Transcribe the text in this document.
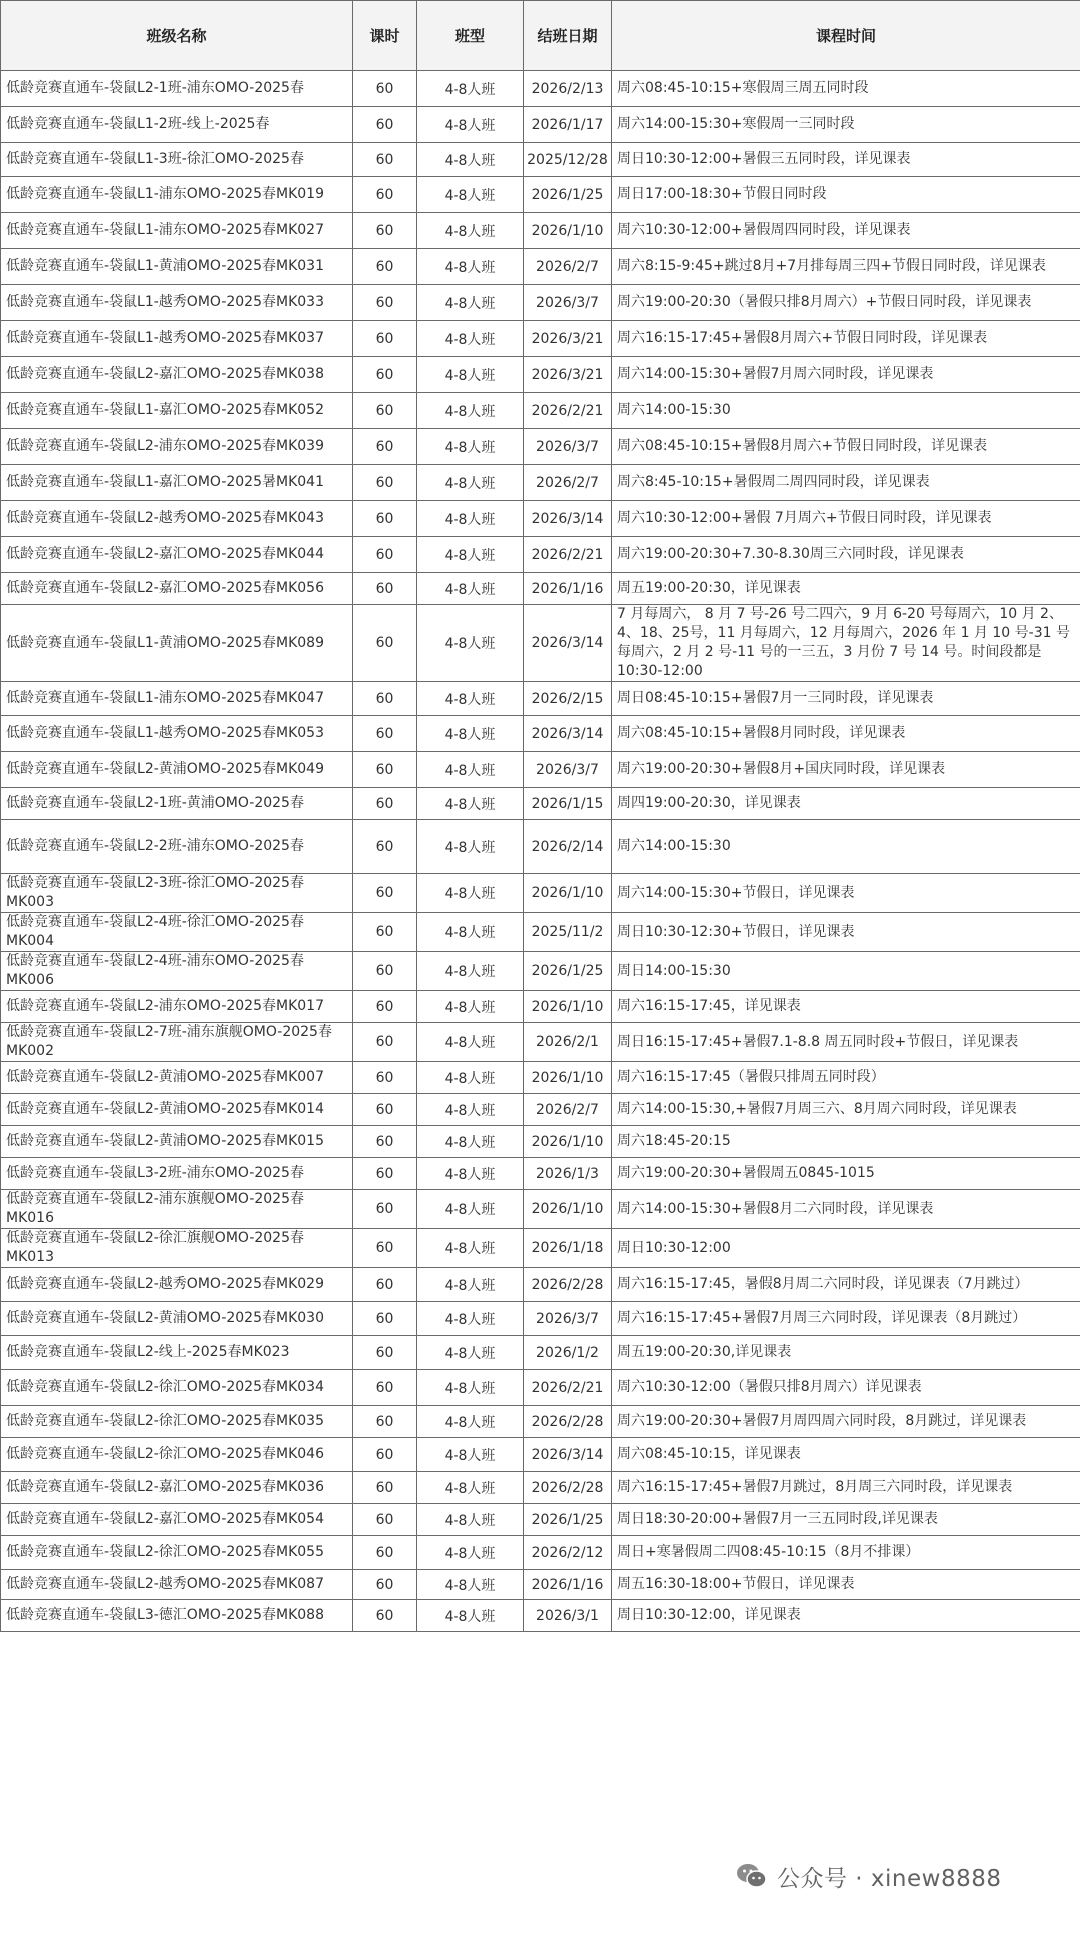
班级名称	课时	班型	结班日期	课程时间
低龄竞赛直通车-袋鼠L2-1班-浦东OMO-2025春	60	4-8人班	2026/2/13	周六08:45-10:15+寒假周三周五同时段
低龄竞赛直通车-袋鼠L1-2班-线上-2025春	60	4-8人班	2026/1/17	周六14:00-15:30+寒假周一三同时段
低龄竞赛直通车-袋鼠L1-3班-徐汇OMO-2025春	60	4-8人班	2025/12/28	周日10:30-12:00+暑假三五同时段，详见课表
低龄竞赛直通车-袋鼠L1-浦东OMO-2025春MK019	60	4-8人班	2026/1/25	周日17:00-18:30+节假日同时段
低龄竞赛直通车-袋鼠L1-浦东OMO-2025春MK027	60	4-8人班	2026/1/10	周六10:30-12:00+暑假周四同时段，详见课表
低龄竞赛直通车-袋鼠L1-黄浦OMO-2025春MK031	60	4-8人班	2026/2/7	周六8:15-9:45+跳过8月+7月排每周三四+节假日同时段，详见课表
低龄竞赛直通车-袋鼠L1-越秀OMO-2025春MK033	60	4-8人班	2026/3/7	周六19:00-20:30（暑假只排8月周六）+节假日同时段，详见课表
低龄竞赛直通车-袋鼠L1-越秀OMO-2025春MK037	60	4-8人班	2026/3/21	周六16:15-17:45+暑假8月周六+节假日同时段，详见课表
低龄竞赛直通车-袋鼠L2-嘉汇OMO-2025春MK038	60	4-8人班	2026/3/21	周六14:00-15:30+暑假7月周六同时段，详见课表
低龄竞赛直通车-袋鼠L1-嘉汇OMO-2025春MK052	60	4-8人班	2026/2/21	周六14:00-15:30
低龄竞赛直通车-袋鼠L2-浦东OMO-2025春MK039	60	4-8人班	2026/3/7	周六08:45-10:15+暑假8月周六+节假日同时段，详见课表
低龄竞赛直通车-袋鼠L1-嘉汇OMO-2025暑MK041	60	4-8人班	2026/2/7	周六8:45-10:15+暑假周二周四同时段，详见课表
低龄竞赛直通车-袋鼠L2-越秀OMO-2025春MK043	60	4-8人班	2026/3/14	周六10:30-12:00+暑假 7月周六+节假日同时段，详见课表
低龄竞赛直通车-袋鼠L2-嘉汇OMO-2025春MK044	60	4-8人班	2026/2/21	周六19:00-20:30+7.30-8.30周三六同时段，详见课表
低龄竞赛直通车-袋鼠L2-嘉汇OMO-2025春MK056	60	4-8人班	2026/1/16	周五19:00-20:30，详见课表
低龄竞赛直通车-袋鼠L1-黄浦OMO-2025春MK089	60	4-8人班	2026/3/14	7 月每周六， 8 月 7 号-26 号二四六，9 月 6-20 号每周六，10 月 2、4、18、25号，11 月每周六，12 月每周六，2026 年 1 月 10 号-31 号每周六，2 月 2 号-11 号的一三五，3 月份 7 号 14 号。时间段都是10:30-12:00
低龄竞赛直通车-袋鼠L1-浦东OMO-2025春MK047	60	4-8人班	2026/2/15	周日08:45-10:15+暑假7月一三同时段，详见课表
低龄竞赛直通车-袋鼠L1-越秀OMO-2025春MK053	60	4-8人班	2026/3/14	周六08:45-10:15+暑假8月同时段，详见课表
低龄竞赛直通车-袋鼠L2-黄浦OMO-2025春MK049	60	4-8人班	2026/3/7	周六19:00-20:30+暑假8月+国庆同时段，详见课表
低龄竞赛直通车-袋鼠L2-1班-黄浦OMO-2025春	60	4-8人班	2026/1/15	周四19:00-20:30，详见课表
低龄竞赛直通车-袋鼠L2-2班-浦东OMO-2025春	60	4-8人班	2026/2/14	周六14:00-15:30
低龄竞赛直通车-袋鼠L2-3班-徐汇OMO-2025春MK003	60	4-8人班	2026/1/10	周六14:00-15:30+节假日，详见课表
低龄竞赛直通车-袋鼠L2-4班-徐汇OMO-2025春MK004	60	4-8人班	2025/11/2	周日10:30-12:30+节假日，详见课表
低龄竞赛直通车-袋鼠L2-4班-浦东OMO-2025春MK006	60	4-8人班	2026/1/25	周日14:00-15:30
低龄竞赛直通车-袋鼠L2-浦东OMO-2025春MK017	60	4-8人班	2026/1/10	周六16:15-17:45，详见课表
低龄竞赛直通车-袋鼠L2-7班-浦东旗舰OMO-2025春MK002	60	4-8人班	2026/2/1	周日16:15-17:45+暑假7.1-8.8 周五同时段+节假日，详见课表
低龄竞赛直通车-袋鼠L2-黄浦OMO-2025春MK007	60	4-8人班	2026/1/10	周六16:15-17:45（暑假只排周五同时段）
低龄竞赛直通车-袋鼠L2-黄浦OMO-2025春MK014	60	4-8人班	2026/2/7	周六14:00-15:30,+暑假7月周三六、8月周六同时段，详见课表
低龄竞赛直通车-袋鼠L2-黄浦OMO-2025春MK015	60	4-8人班	2026/1/10	周六18:45-20:15
低龄竞赛直通车-袋鼠L3-2班-浦东OMO-2025春	60	4-8人班	2026/1/3	周六19:00-20:30+暑假周五0845-1015
低龄竞赛直通车-袋鼠L2-浦东旗舰OMO-2025春MK016	60	4-8人班	2026/1/10	周六14:00-15:30+暑假8月二六同时段，详见课表
低龄竞赛直通车-袋鼠L2-徐汇旗舰OMO-2025春MK013	60	4-8人班	2026/1/18	周日10:30-12:00
低龄竞赛直通车-袋鼠L2-越秀OMO-2025春MK029	60	4-8人班	2026/2/28	周六16:15-17:45，暑假8月周二六同时段，详见课表（7月跳过）
低龄竞赛直通车-袋鼠L2-黄浦OMO-2025春MK030	60	4-8人班	2026/3/7	周六16:15-17:45+暑假7月周三六同时段，详见课表（8月跳过）
低龄竞赛直通车-袋鼠L2-线上-2025春MK023	60	4-8人班	2026/1/2	周五19:00-20:30,详见课表
低龄竞赛直通车-袋鼠L2-徐汇OMO-2025春MK034	60	4-8人班	2026/2/21	周六10:30-12:00（暑假只排8月周六）详见课表
低龄竞赛直通车-袋鼠L2-徐汇OMO-2025春MK035	60	4-8人班	2026/2/28	周六19:00-20:30+暑假7月周四周六同时段，8月跳过，详见课表
低龄竞赛直通车-袋鼠L2-徐汇OMO-2025春MK046	60	4-8人班	2026/3/14	周六08:45-10:15，详见课表
低龄竞赛直通车-袋鼠L2-嘉汇OMO-2025春MK036	60	4-8人班	2026/2/28	周六16:15-17:45+暑假7月跳过，8月周三六同时段，详见课表
低龄竞赛直通车-袋鼠L2-嘉汇OMO-2025春MK054	60	4-8人班	2026/1/25	周日18:30-20:00+暑假7月一三五同时段,详见课表
低龄竞赛直通车-袋鼠L2-徐汇OMO-2025春MK055	60	4-8人班	2026/2/12	周日+寒暑假周二四08:45-10:15（8月不排课）
低龄竞赛直通车-袋鼠L2-越秀OMO-2025春MK087	60	4-8人班	2026/1/16	周五16:30-18:00+节假日，详见课表
低龄竞赛直通车-袋鼠L3-德汇OMO-2025春MK088	60	4-8人班	2026/3/1	周日10:30-12:00，详见课表
公众号 · xinew8888
